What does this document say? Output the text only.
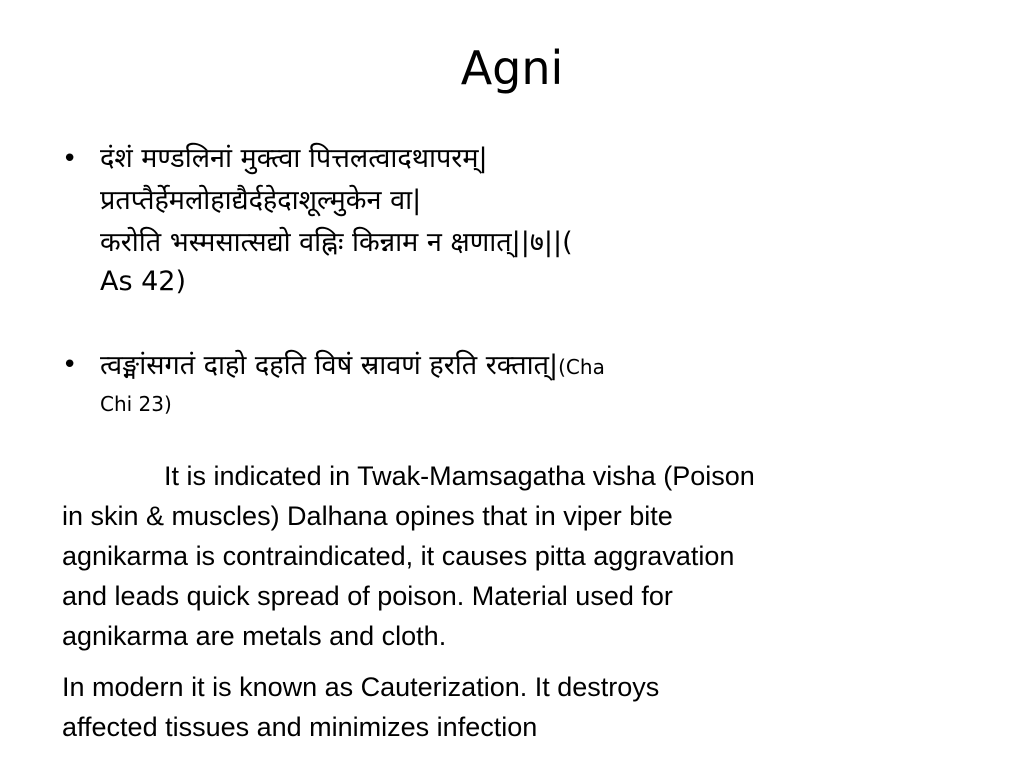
Agni
• दंशं मण्डलिनां मुक्त्वा पित्तलत्वादथापरम्|
प्रतप्तैर्हेमलोहाद्यैर्दहेदाशूल्मुकेन वा|
करोति भस्मसात्सद्यो वह्निः किन्नाम न क्षणात्||७||(
As 42)
• त्वङ्मांसगतं दाहो दहति विषं स्रावणं हरति रक्तात्|(Cha
Chi 23)
It is indicated in Twak-Mamsagatha visha (Poison
in skin & muscles) Dalhana opines that in viper bite
agnikarma is contraindicated, it causes pitta aggravation
and leads quick spread of poison. Material used for
agnikarma are metals and cloth.
In modern it is known as Cauterization. It destroys
affected tissues and minimizes infection
